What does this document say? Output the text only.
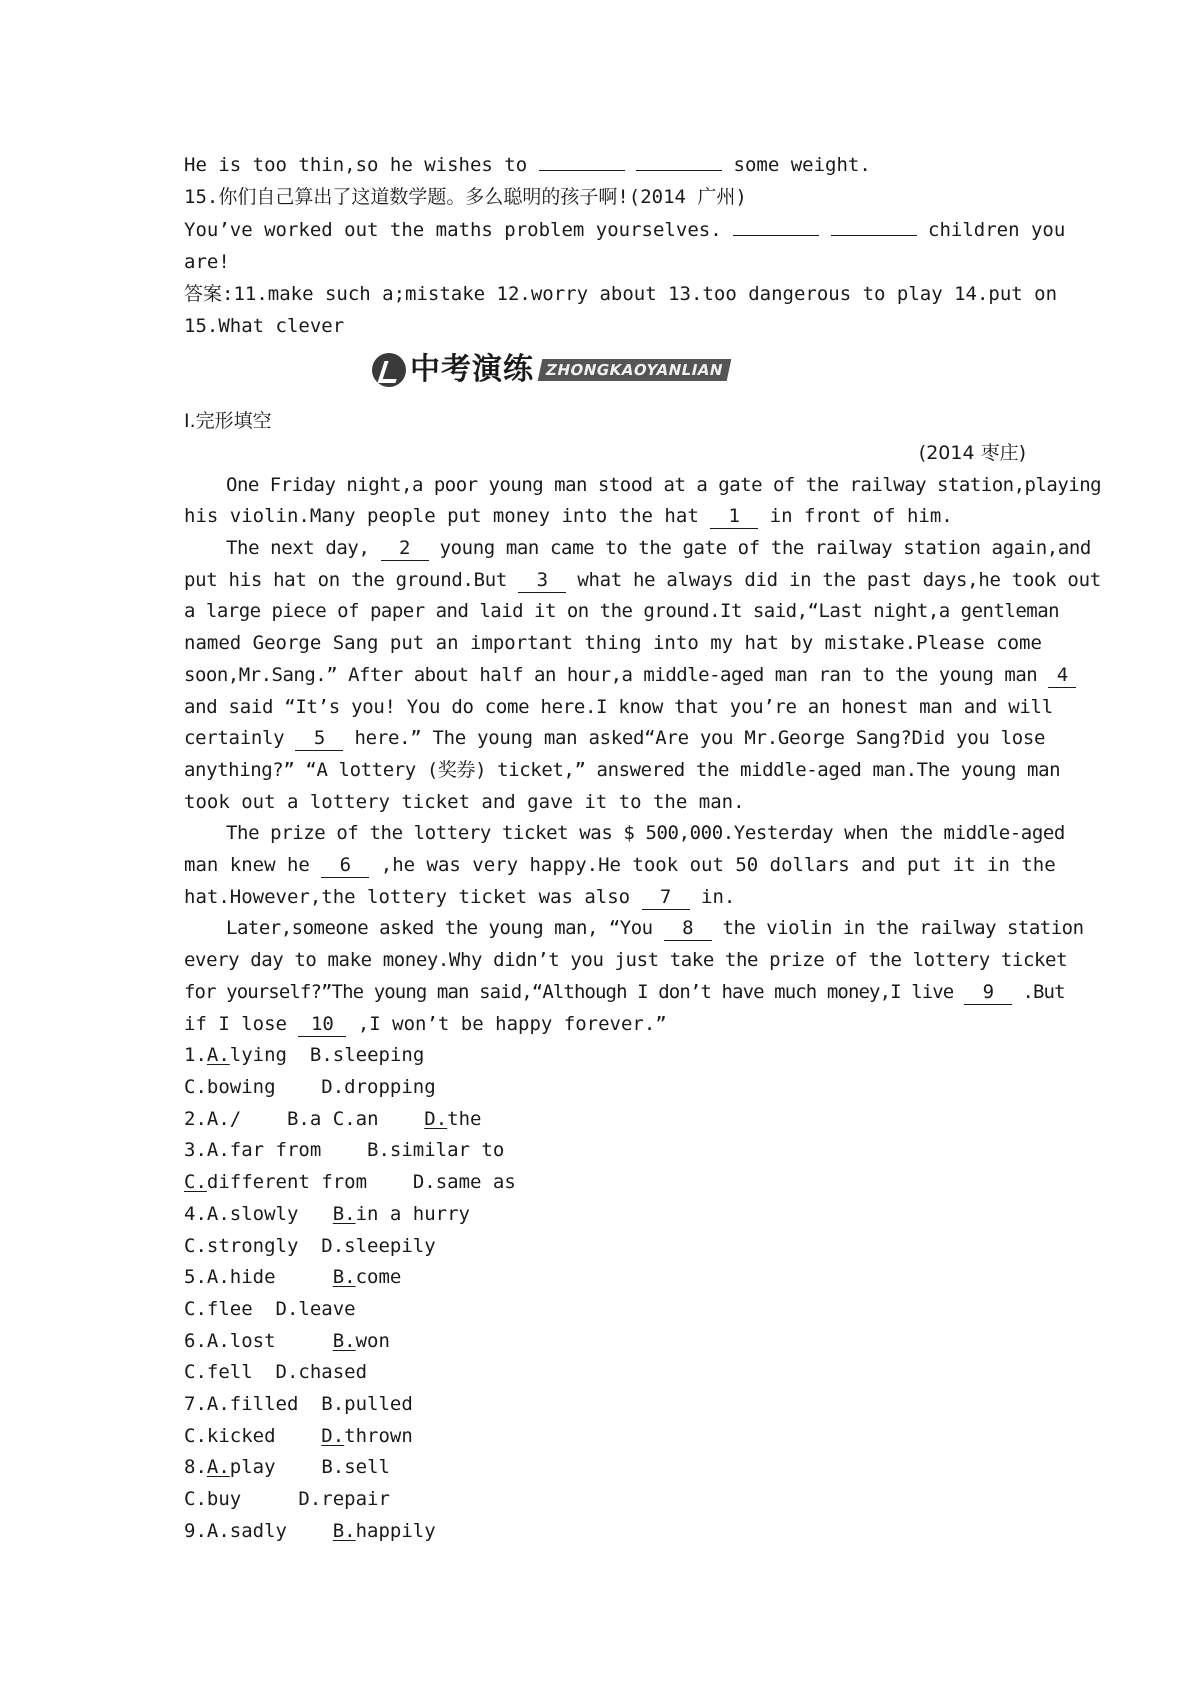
He is too thin,so he wishes to	some weight.
15.你们自己算出了这道数学题。多么聪明的孩子啊!(2014 广州)
You’ve worked out the maths problem yourselves.	children you
are!
答案:11.make such a;mistake 12.worry about 13.too dangerous to play 14.put on
15.What clever
中考演练 ZHONGKAOYANLIAN
Ⅰ.完形填空
(2014 枣庄)
One Friday night,a poor young man stood at a gate of the railway station,playing
his violin.Many people put money into the hat 1 in front of him.
The next day, 2 young man came to the gate of the railway station again,and
put his hat on the ground.But 3 what he always did in the past days,he took out
a large piece of paper and laid it on the ground.It said,“Last night,a gentleman
named George Sang put an important thing into my hat by mistake.Please come
soon,Mr.Sang.” After about half an hour,a middle-aged man ran to the young man 4
and said “It’s you! You do come here.I know that you’re an honest man and will
certainly 5 here.” The young man asked“Are you Mr.George Sang?Did you lose
anything?” “A lottery (奖券) ticket,” answered the middle-aged man.The young man
took out a lottery ticket and gave it to the man.
The prize of the lottery ticket was $ 500,000.Yesterday when the middle-aged
man knew he 6 ,he was very happy.He took out 50 dollars and put it in the
hat.However,the lottery ticket was also 7 in.
Later,someone asked the young man, “You 8 the violin in the railway station
every day to make money.Why didn’t you just take the prize of the lottery ticket
for yourself?”The young man said,“Although I don’t have much money,I live 9 .But
if I lose 10 ,I won’t be happy forever.”
1.A.lying B.sleeping
C.bowing D.dropping
2.A./ B.a C.an D.the
3.A.far from B.similar to
C.different from D.same as
4.A.slowly B.in a hurry
C.strongly D.sleepily
5.A.hide	B.come
C.flee D.leave
6.A.lost	B.won
C.fell D.chased
7.A.filled B.pulled
C.kicked D.thrown
8.A.play B.sell
C.buy	D.repair
9.A.sadly B.happily
